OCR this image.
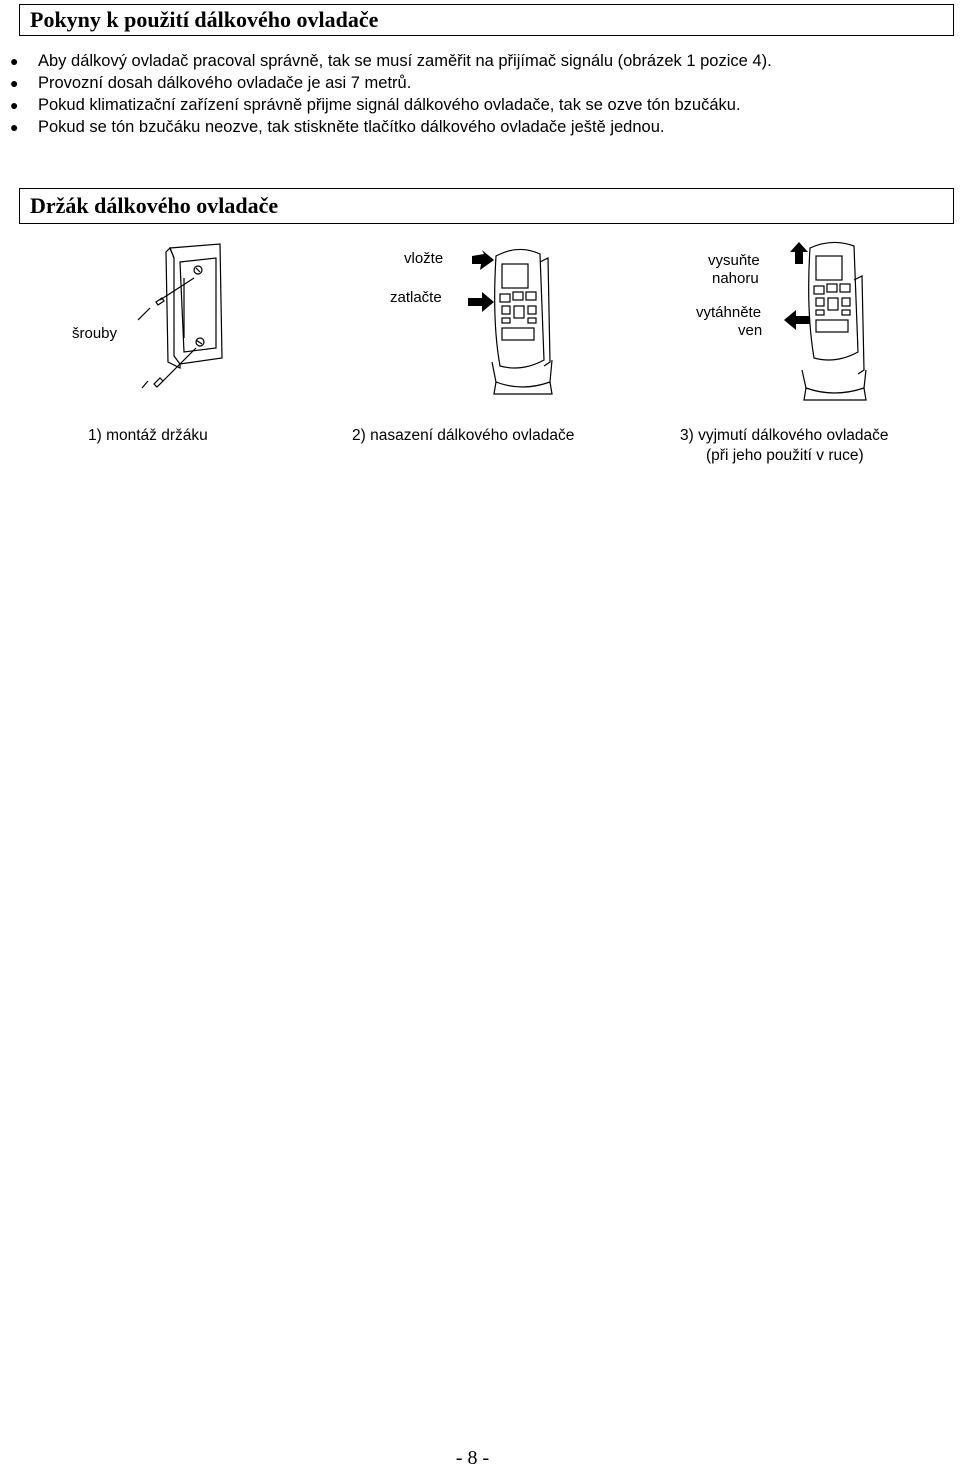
Pokyny k použití dálkového ovladače
● Aby dálkový ovladač pracoval správně, tak se musí zaměřit na přijímač signálu (obrázek 1 pozice 4).
● Provozní dosah dálkového ovladače je asi 7 metrů.
● Pokud klimatizační zařízení správně přijme signál dálkového ovladače, tak se ozve tón bzučáku.
● Pokud se tón bzučáku neozve, tak stiskněte tlačítko dálkového ovladače ještě jednou.
Držák dálkového ovladače
šrouby
vložte
zatlačte
vysuňte
nahoru
vytáhněte
ven
1) montáž držáku	2) nasazení dálkového ovladače	3) vyjmutí dálkového ovladače
(při jeho použití v ruce)
- 8 -
